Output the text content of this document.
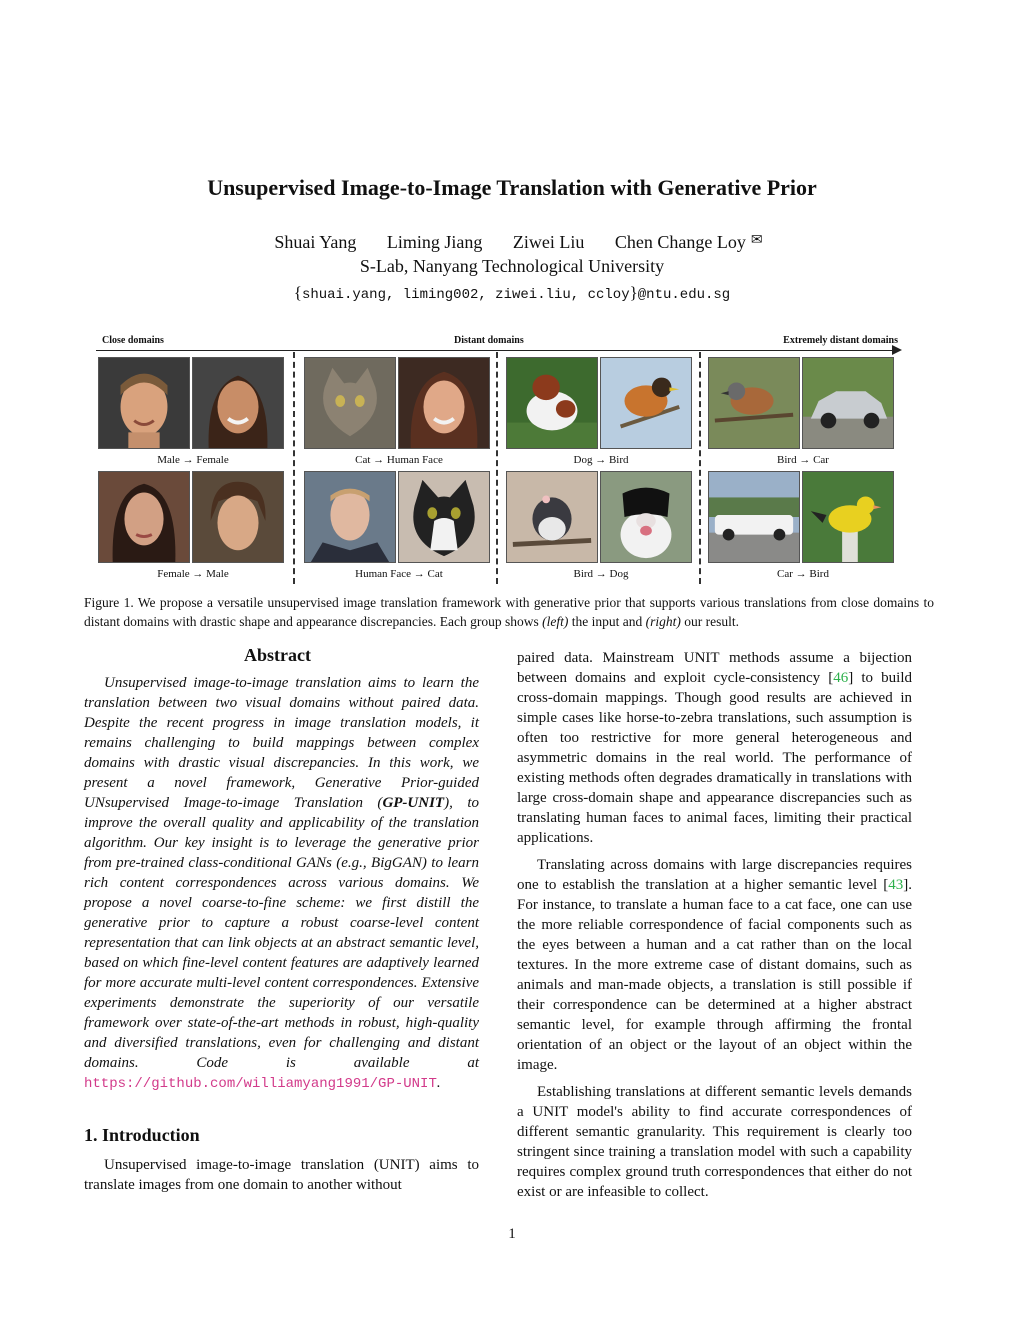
Unsupervised Image-to-Image Translation with Generative Prior
Shuai Yang Liming Jiang Ziwei Liu Chen Change Loy ✉
S-Lab, Nanyang Technological University
{shuai.yang, liming002, ziwei.liu, ccloy}@ntu.edu.sg
Close domains	Distant domains	Extremely distant domains
Male → Female	Cat → Human Face	Dog → Bird	Bird → Car
Female → Male	Human Face → Cat	Bird → Dog	Car → Bird
Figure 1. We propose a versatile unsupervised image translation framework with generative prior that supports various translations from close domains to distant domains with drastic shape and appearance discrepancies. Each group shows (left) the input and (right) our result.
Abstract

Unsupervised image-to-image translation aims to learn the translation between two visual domains without paired data. Despite the recent progress in image translation models, it remains challenging to build mappings between complex domains with drastic visual discrepancies. In this work, we present a novel framework, Generative Prior-guided UNsupervised Image-to-image Translation (GP-UNIT), to improve the overall quality and applicability of the translation algorithm. Our key insight is to leverage the generative prior from pre-trained class-conditional GANs (e.g., BigGAN) to learn rich content correspondences across various domains. We propose a novel coarse-to-fine scheme: we first distill the generative prior to capture a robust coarse-level content representation that can link objects at an abstract semantic level, based on which fine-level content features are adaptively learned for more accurate multi-level content correspondences. Extensive experiments demonstrate the superiority of our versatile framework over state-of-the-art methods in robust, high-quality and diversified translations, even for challenging and distant domains. Code is available at https://github.com/williamyang1991/GP-UNIT.

1. Introduction

Unsupervised image-to-image translation (UNIT) aims to translate images from one domain to another without

paired data. Mainstream UNIT methods assume a bijection between domains and exploit cycle-consistency [46] to build cross-domain mappings. Though good results are achieved in simple cases like horse-to-zebra translations, such assumption is often too restrictive for more general heterogeneous and asymmetric domains in the real world. The performance of existing methods often degrades dramatically in translations with large cross-domain shape and appearance discrepancies such as translating human faces to animal faces, limiting their practical applications.

Translating across domains with large discrepancies requires one to establish the translation at a higher semantic level [43]. For instance, to translate a human face to a cat face, one can use the more reliable correspondence of facial components such as the eyes between a human and a cat rather than on the local textures. In the more extreme case of distant domains, such as animals and man-made objects, a translation is still possible if their correspondence can be determined at a higher abstract semantic level, for example through affirming the frontal orientation of an object or the layout of an object within the image.

Establishing translations at different semantic levels demands a UNIT model's ability to find accurate correspondences of different semantic granularity. This requirement is clearly too stringent since training a translation model with such a capability requires complex ground truth correspondences that either do not exist or are infeasible to collect.

1
